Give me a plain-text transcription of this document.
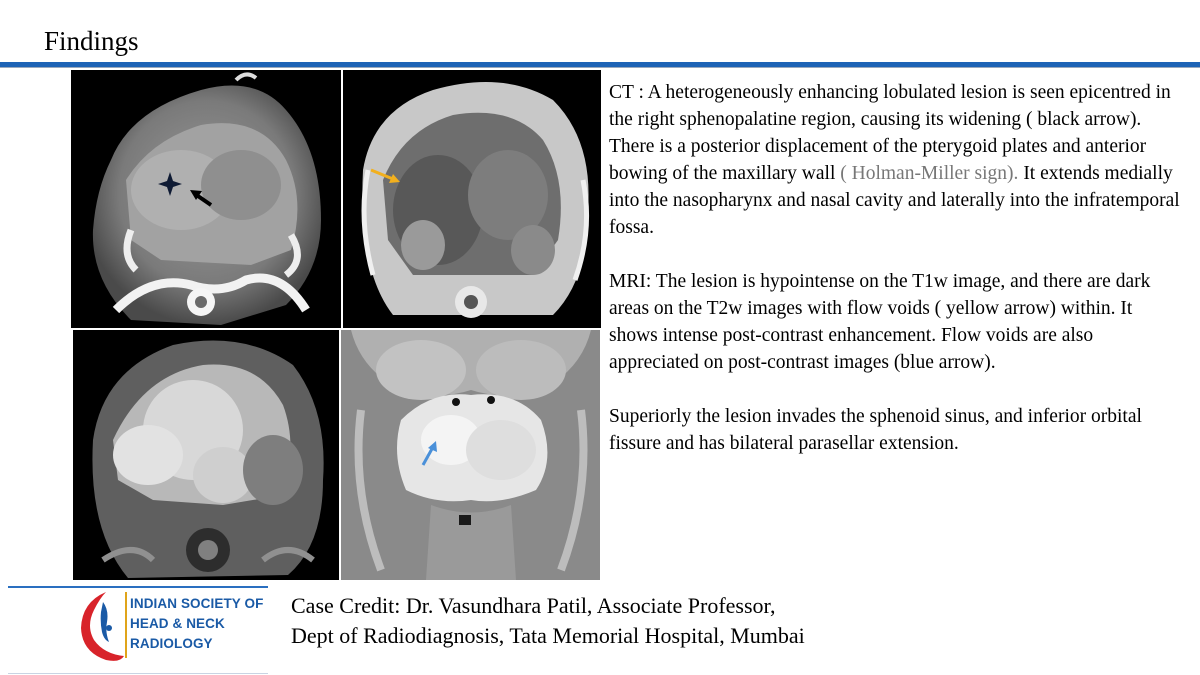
Findings

CT : A heterogeneously enhancing lobulated lesion is seen epicentred in the right sphenopalatine region, causing its widening ( black arrow). There is a posterior displacement of the pterygoid plates and anterior bowing of the maxillary wall ( Holman-Miller sign). It extends medially into the nasopharynx and nasal cavity and laterally into the infratemporal fossa.

MRI: The lesion is hypointense on the T1w image, and there are dark areas on the T2w images with flow voids ( yellow arrow) within. It shows intense post-contrast enhancement. Flow voids are also appreciated on post-contrast images (blue arrow).

Superiorly the lesion invades the sphenoid sinus, and inferior orbital fissure and has bilateral parasellar extension.

INDIAN SOCIETY OF
HEAD & NECK
RADIOLOGY
Case Credit: Dr. Vasundhara Patil, Associate Professor,
Dept of Radiodiagnosis, Tata Memorial Hospital, Mumbai
